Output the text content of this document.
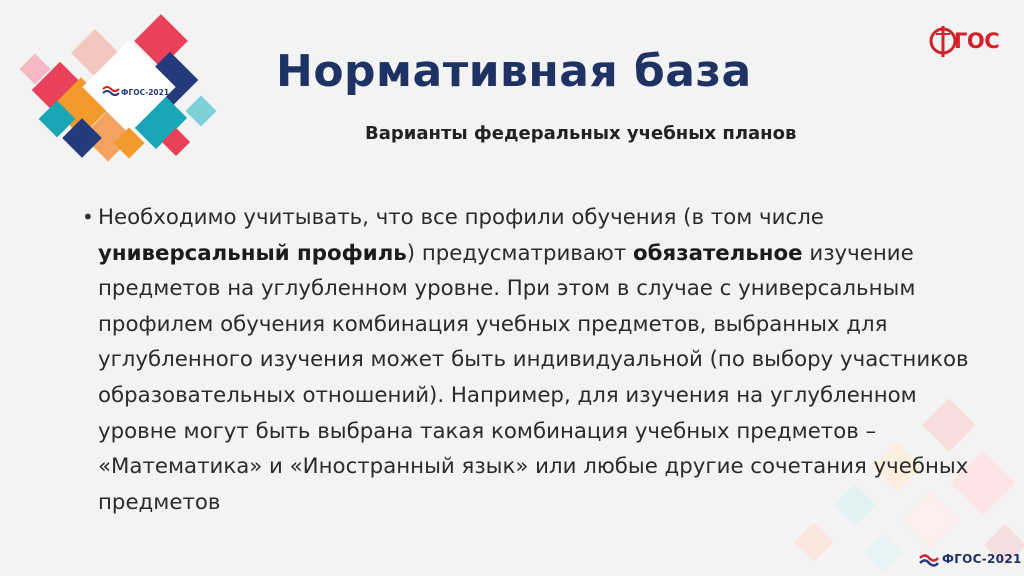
ФГОС-2021
ГОС
Нормативная база
Варианты федеральных учебных планов
• Необходимо учитывать, что все профили обучения (в том числе универсальный профиль) предусматривают обязательное изучение предметов на углубленном уровне. При этом в случае с универсальным профилем обучения комбинация учебных предметов, выбранных для углубленного изучения может быть индивидуальной (по выбору участников образовательных отношений). Например, для изучения на углубленном уровне могут быть выбрана такая комбинация учебных предметов – «Математика» и «Иностранный язык» или любые другие сочетания учебных предметов
ФГОС-2021
